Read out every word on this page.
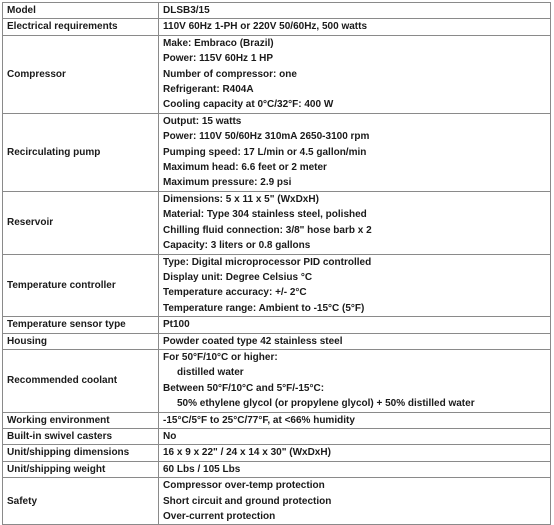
Model	DLSB3/15

Electrical requirements	110V 60Hz 1-PH or 220V 50/60Hz, 500 watts

Compressor	Make: Embraco (Brazil)
Power: 115V 60Hz 1 HP
Number of compressor: one
Refrigerant: R404A
Cooling capacity at 0°C/32°F: 400 W

Recirculating pump	Output: 15 watts
Power: 110V 50/60Hz 310mA 2650-3100 rpm
Pumping speed: 17 L/min or 4.5 gallon/min
Maximum head: 6.6 feet or 2 meter
Maximum pressure: 2.9 psi

Reservoir	Dimensions: 5 x 11 x 5" (WxDxH)
Material: Type 304 stainless steel, polished
Chilling fluid connection: 3/8" hose barb x 2
Capacity: 3 liters or 0.8 gallons

Temperature controller	Type: Digital microprocessor PID controlled
Display unit: Degree Celsius °C
Temperature accuracy: +/- 2°C
Temperature range: Ambient to -15°C (5°F)

Temperature sensor type	Pt100

Housing	Powder coated type 42 stainless steel

Recommended coolant	For 50°F/10°C or higher:
distilled water
Between 50°F/10°C and 5°F/-15°C:
50% ethylene glycol (or propylene glycol) + 50% distilled water

Working environment	-15°C/5°F to 25°C/77°F, at <66% humidity

Built-in swivel casters	No

Unit/shipping dimensions	16 x 9 x 22" / 24 x 14 x 30" (WxDxH)

Unit/shipping weight	60 Lbs / 105 Lbs

Safety	Compressor over-temp protection
Short circuit and ground protection
Over-current protection
